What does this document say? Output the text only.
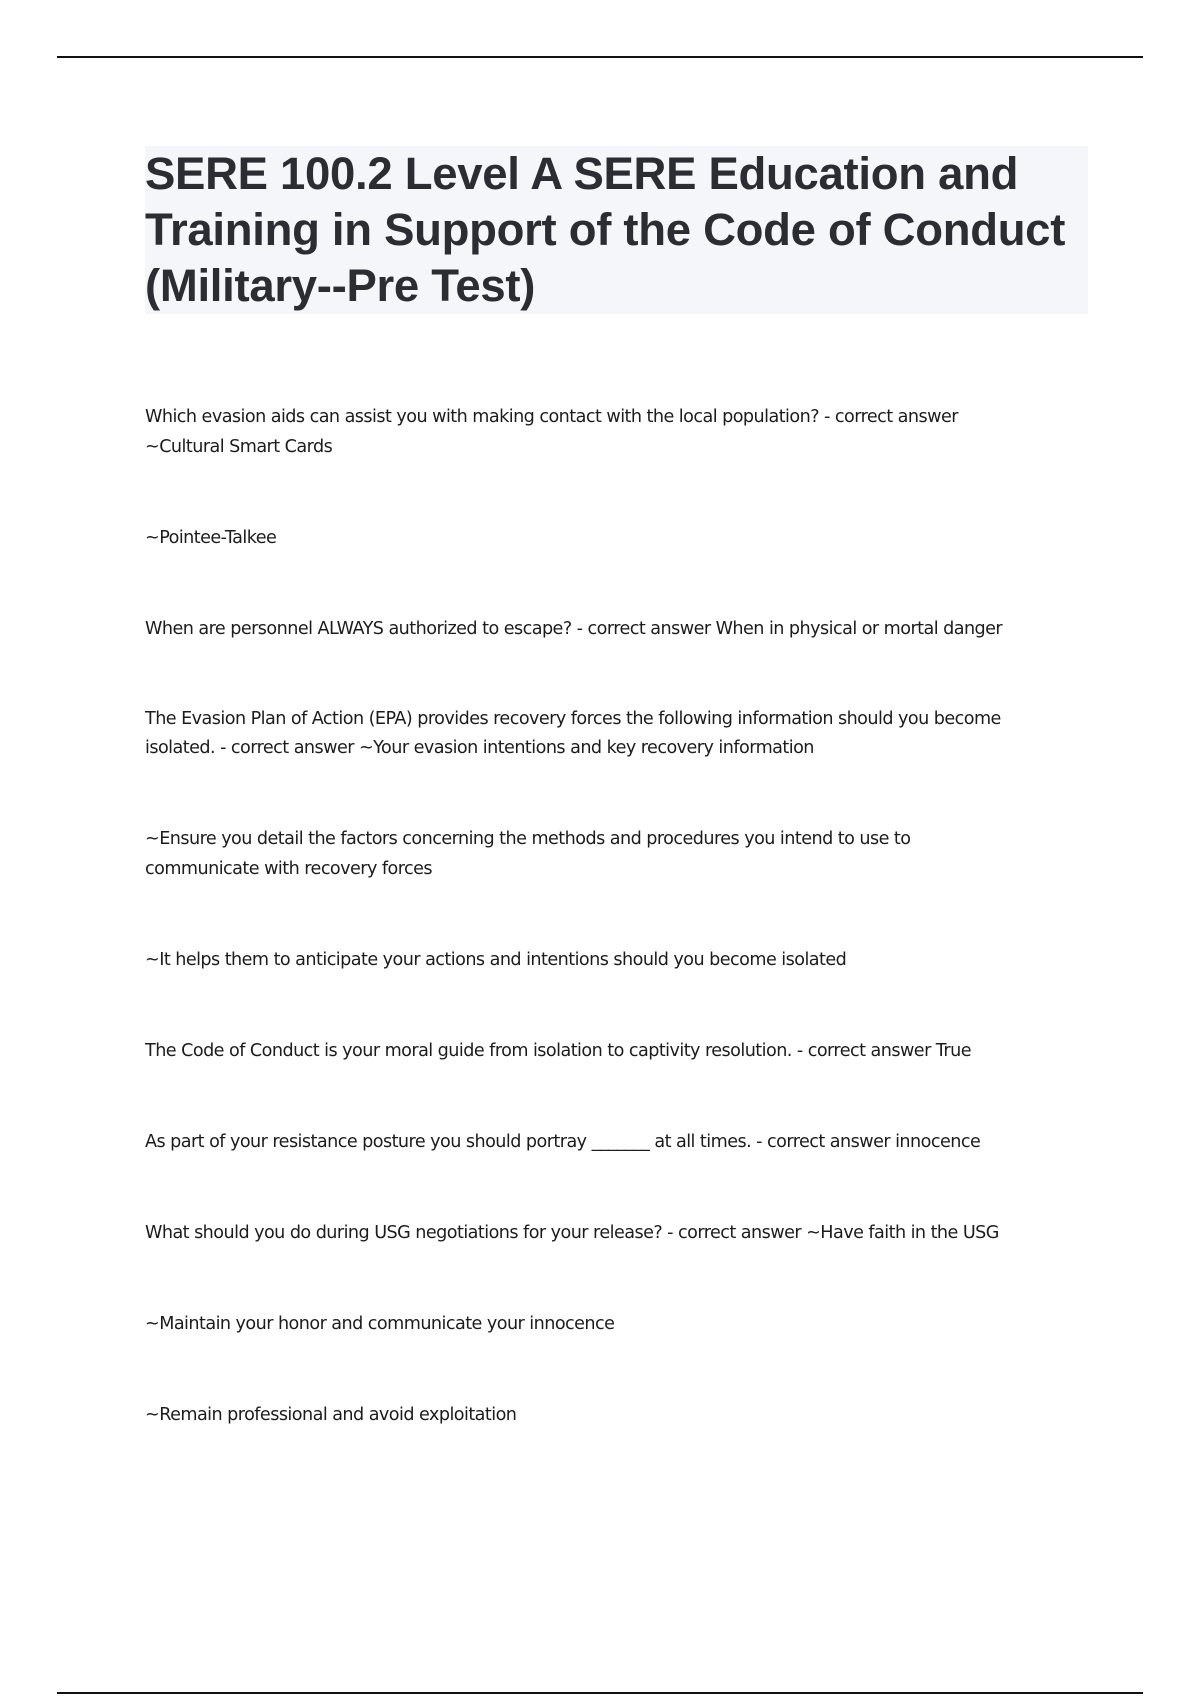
SERE 100.2 Level A SERE Education and Training in Support of the Code of Conduct (Military--Pre Test)

Which evasion aids can assist you with making contact with the local population? - correct answer

~Cultural Smart Cards

~Pointee-Talkee

When are personnel ALWAYS authorized to escape? - correct answer When in physical or mortal danger

The Evasion Plan of Action (EPA) provides recovery forces the following information should you become

isolated. - correct answer ~Your evasion intentions and key recovery information

~Ensure you detail the factors concerning the methods and procedures you intend to use to

communicate with recovery forces

~It helps them to anticipate your actions and intentions should you become isolated

The Code of Conduct is your moral guide from isolation to captivity resolution. - correct answer True

As part of your resistance posture you should portray _______ at all times. - correct answer innocence

What should you do during USG negotiations for your release? - correct answer ~Have faith in the USG

~Maintain your honor and communicate your innocence

~Remain professional and avoid exploitation
